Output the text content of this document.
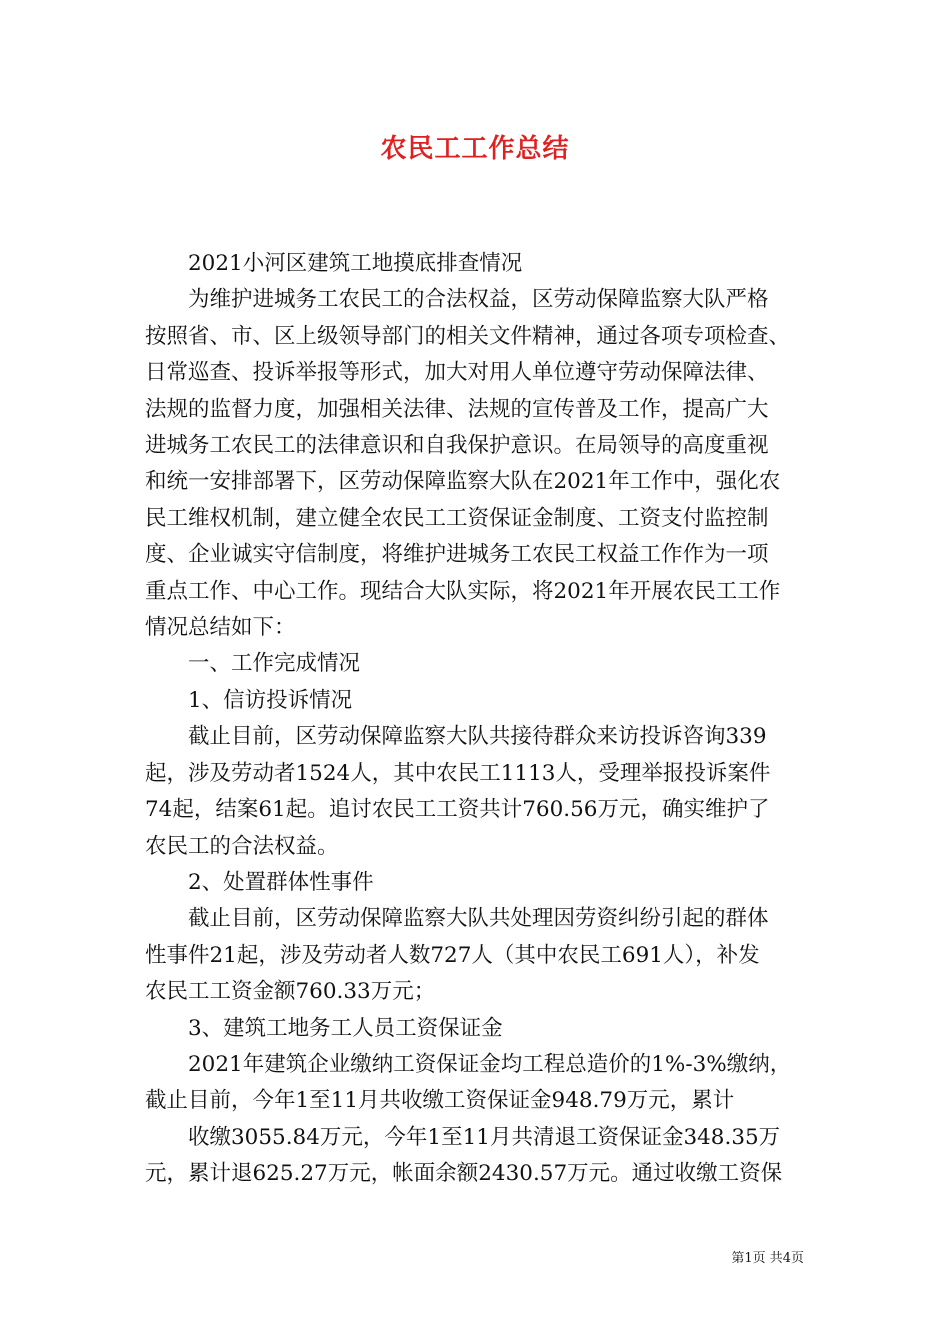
农民工工作总结

　　2021小河区建筑工地摸底排查情况

　　为维护进城务工农民工的合法权益，区劳动保障监察大队严格

按照省、市、区上级领导部门的相关文件精神，通过各项专项检查、

日常巡查、投诉举报等形式，加大对用人单位遵守劳动保障法律、

法规的监督力度，加强相关法律、法规的宣传普及工作，提高广大

进城务工农民工的法律意识和自我保护意识。在局领导的高度重视

和统一安排部署下，区劳动保障监察大队在2021年工作中，强化农

民工维权机制，建立健全农民工工资保证金制度、工资支付监控制

度、企业诚实守信制度，将维护进城务工农民工权益工作作为一项

重点工作、中心工作。现结合大队实际，将2021年开展农民工工作

情况总结如下：

　　一、工作完成情况

　　1、信访投诉情况

　　截止目前，区劳动保障监察大队共接待群众来访投诉咨询339

起，涉及劳动者1524人，其中农民工1113人，受理举报投诉案件

74起，结案61起。追讨农民工工资共计760.56万元，确实维护了

农民工的合法权益。

　　2、处置群体性事件

　　截止目前，区劳动保障监察大队共处理因劳资纠纷引起的群体

性事件21起，涉及劳动者人数727人（其中农民工691人），补发

农民工工资金额760.33万元；

　　3、建筑工地务工人员工资保证金

　　2021年建筑企业缴纳工资保证金均工程总造价的1%-3%缴纳，

截止目前，今年1至11月共收缴工资保证金948.79万元，累计

　　收缴3055.84万元，今年1至11月共清退工资保证金348.35万

元，累计退625.27万元，帐面余额2430.57万元。通过收缴工资保

第1页 共4页
